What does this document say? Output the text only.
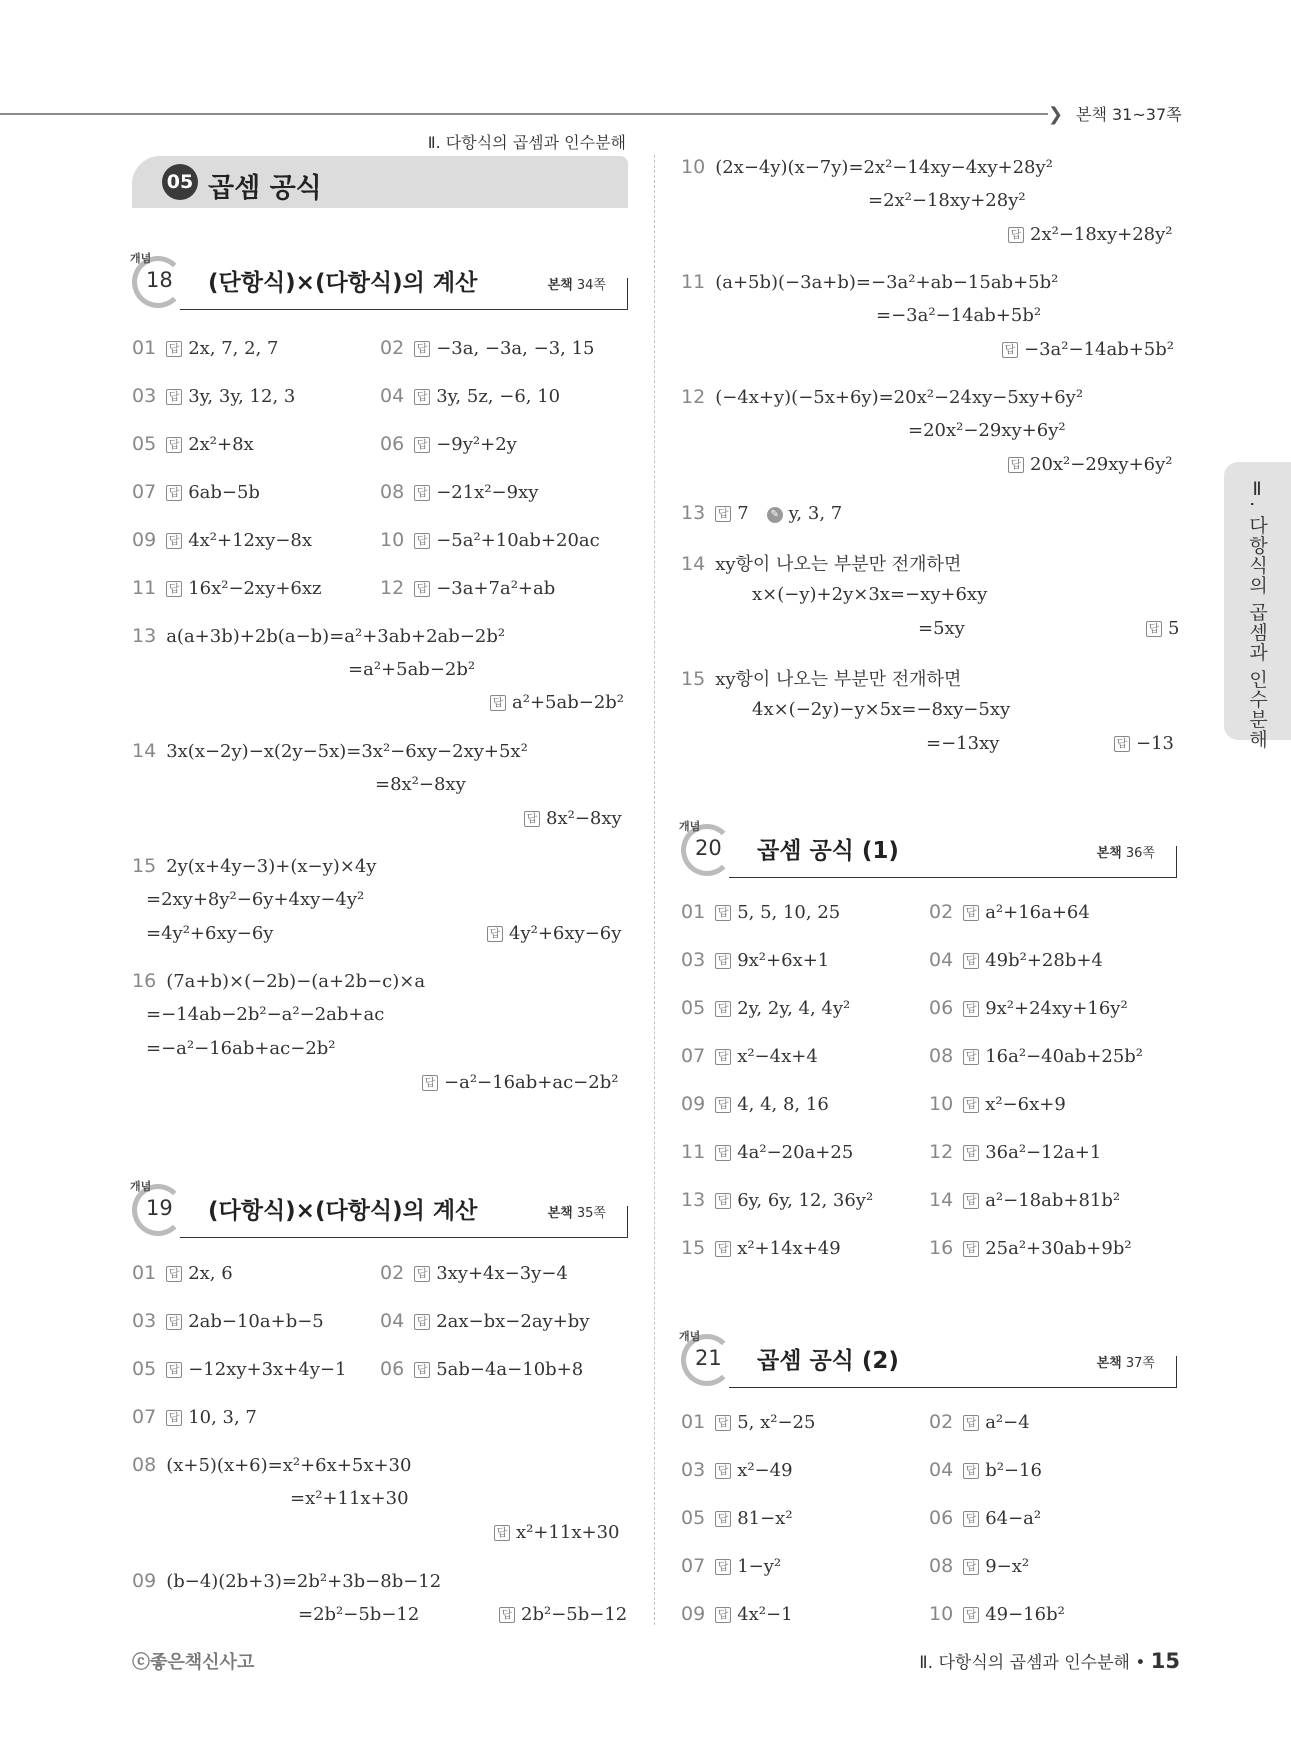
❯ 본책 31~37쪽
Ⅱ. 다항식의 곱셈과 인수분해
05 곱셈 공식
Ⅱ. 다항식의 곱셈과 인수분해
개념
18 (단항식)×(다항식)의 계산	본책 34쪽
01 답 2x, 7, 2, 7	02 답 −3a, −3a, −3, 15
03 답 3y, 3y, 12, 3	04 답 3y, 5z, −6, 10
05 답 2x²+8x	06 답 −9y²+2y
07 답 6ab−5b	08 답 −21x²−9xy
09 답 4x²+12xy−8x	10 답 −5a²+10ab+20ac
11 답 16x²−2xy+6xz	12 답 −3a+7a²+ab
13 a(a+3b)+2b(a−b)=a²+3ab+2ab−2b²
=a²+5ab−2b²
답 a²+5ab−2b²
14 3x(x−2y)−x(2y−5x)=3x²−6xy−2xy+5x²
=8x²−8xy
답 8x²−8xy
15 2y(x+4y−3)+(x−y)×4y
=2xy+8y²−6y+4xy−4y²
=4y²+6xy−6y	답 4y²+6xy−6y
16 (7a+b)×(−2b)−(a+2b−c)×a
=−14ab−2b²−a²−2ab+ac
=−a²−16ab+ac−2b²
답 −a²−16ab+ac−2b²
개념
19 (다항식)×(다항식)의 계산	본책 35쪽
01 답 2x, 6	02 답 3xy+4x−3y−4
03 답 2ab−10a+b−5	04 답 2ax−bx−2ay+by
05 답 −12xy+3x+4y−1 06 답 5ab−4a−10b+8
07 답 10, 3, 7
08 (x+5)(x+6)=x²+6x+5x+30
=x²+11x+30
답 x²+11x+30
09 (b−4)(2b+3)=2b²+3b−8b−12
=2b²−5b−12	답 2b²−5b−12
10 (2x−4y)(x−7y)=2x²−14xy−4xy+28y²
=2x²−18xy+28y²
답 2x²−18xy+28y²
11 (a+5b)(−3a+b)=−3a²+ab−15ab+5b²
=−3a²−14ab+5b²
답 −3a²−14ab+5b²
12 (−4x+y)(−5x+6y)=20x²−24xy−5xy+6y²
=20x²−29xy+6y²
답 20x²−29xy+6y²
13 답 7 ✎ y, 3, 7
14 xy항이 나오는 부분만 전개하면
x×(−y)+2y×3x=−xy+6xy
=5xy	답 5
15 xy항이 나오는 부분만 전개하면
4x×(−2y)−y×5x=−8xy−5xy
=−13xy	답 −13
개념
20 곱셈 공식 (1)	본책 36쪽
01 답 5, 5, 10, 25	02 답 a²+16a+64
03 답 9x²+6x+1	04 답 49b²+28b+4
05 답 2y, 2y, 4, 4y²	06 답 9x²+24xy+16y²
07 답 x²−4x+4	08 답 16a²−40ab+25b²
09 답 4, 4, 8, 16	10 답 x²−6x+9
11 답 4a²−20a+25	12 답 36a²−12a+1
13 답 6y, 6y, 12, 36y²	14 답 a²−18ab+81b²
15 답 x²+14x+49	16 답 25a²+30ab+9b²
개념
21 곱셈 공식 (2)	본책 37쪽
01 답 5, x²−25	02 답 a²−4
03 답 x²−49	04 답 b²−16
05 답 81−x²	06 답 64−a²
07 답 1−y²	08 답 9−x²
09 답 4x²−1	10 답 49−16b²
ⓒ좋은책신사고	Ⅱ. 다항식의 곱셈과 인수분해 • 15
